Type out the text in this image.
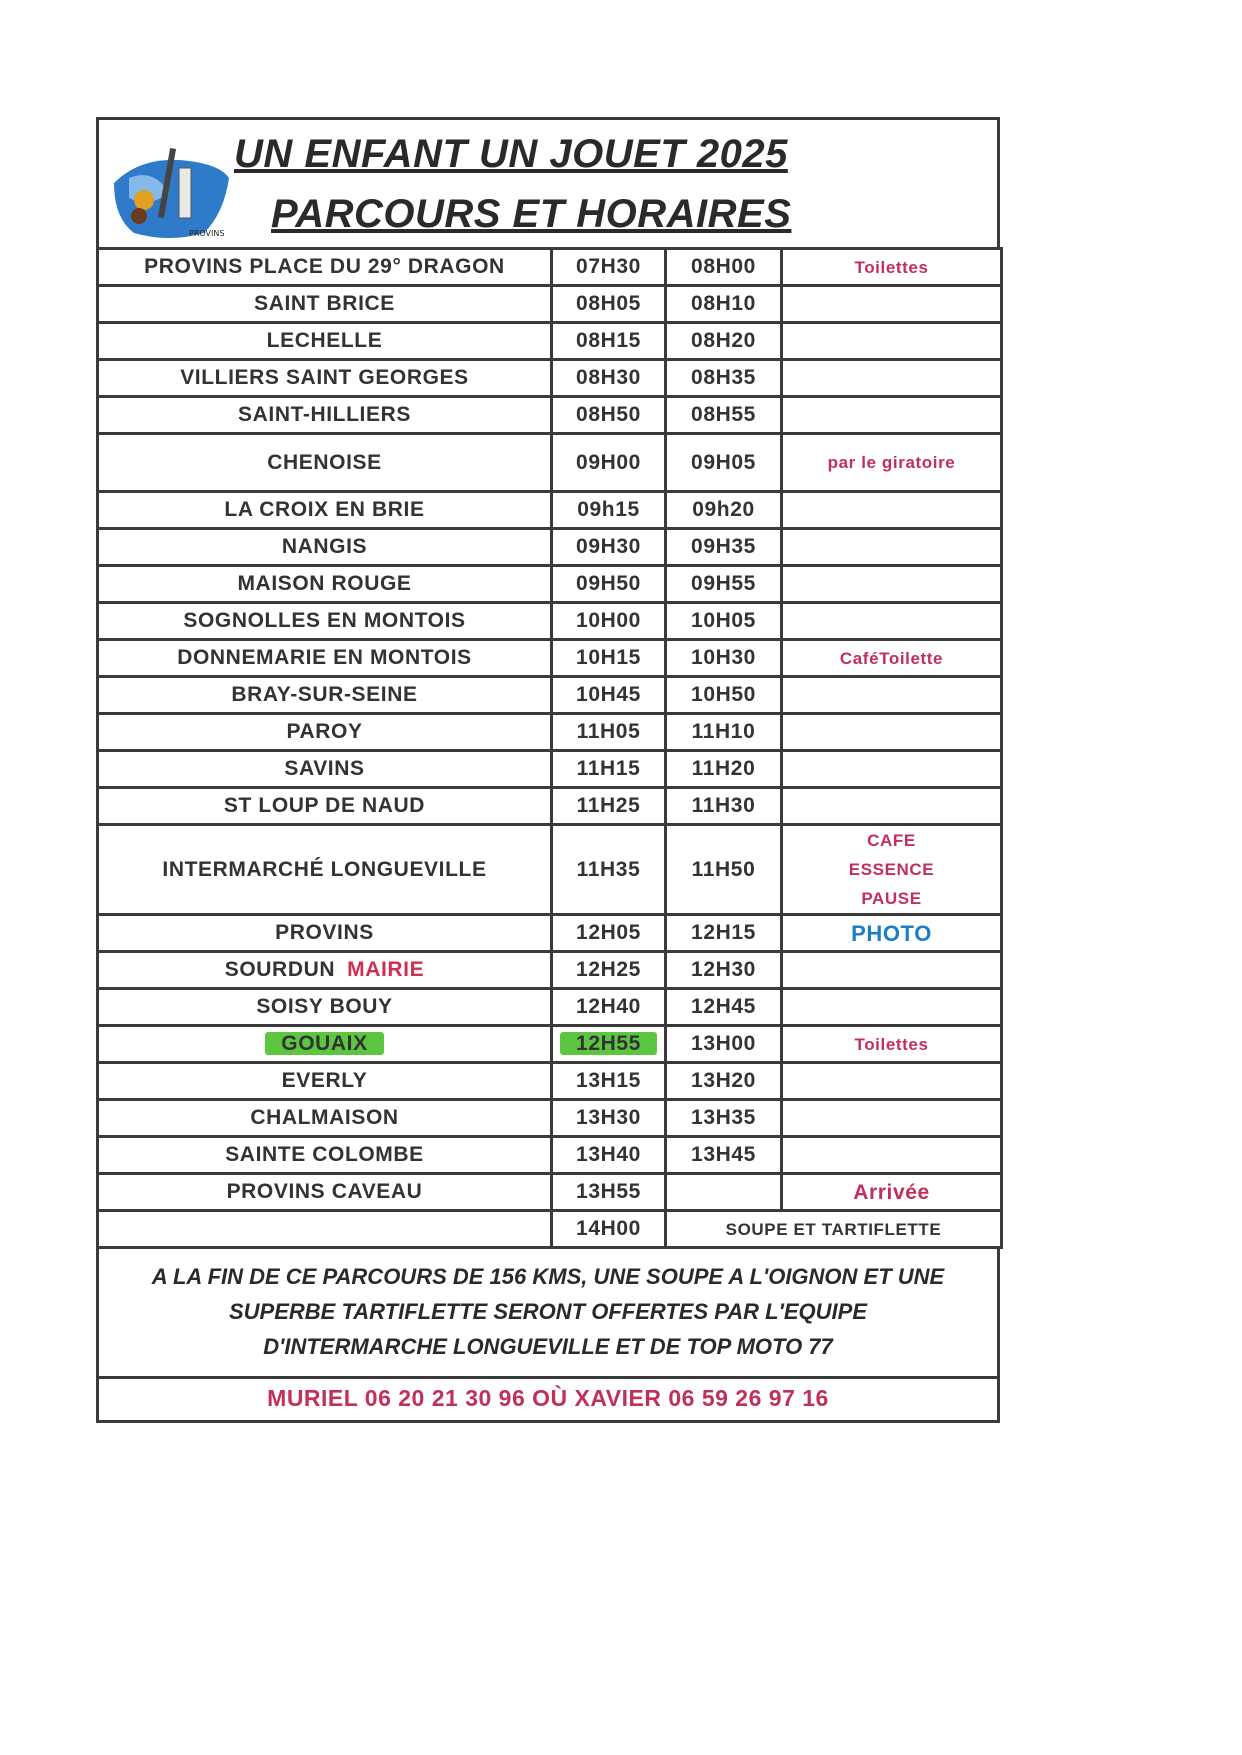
PROVINS
UN ENFANT UN JOUET 2025
PARCOURS ET HORAIRES
PROVINS PLACE DU 29° DRAGON	07H30	08H00	Toilettes
SAINT BRICE	08H05	08H10	
LECHELLE	08H15	08H20	
VILLIERS SAINT GEORGES	08H30	08H35	
SAINT-HILLIERS	08H50	08H55	
CHENOISE	09H00	09H05	par le giratoire
LA CROIX EN BRIE	09h15	09h20	
NANGIS	09H30	09H35	
MAISON ROUGE	09H50	09H55	
SOGNOLLES EN MONTOIS	10H00	10H05	
DONNEMARIE EN MONTOIS	10H15	10H30	CaféToilette
BRAY-SUR-SEINE	10H45	10H50	
PAROY	11H05	11H10	
SAVINS	11H15	11H20	
ST LOUP DE NAUD	11H25	11H30	
INTERMARCHÉ LONGUEVILLE	11H35	11H50	CAFE ESSENCE PAUSE
PROVINS	12H05	12H15	PHOTO
SOURDUN MAIRIE	12H25	12H30	
SOISY BOUY	12H40	12H45	
GOUAIX	12H55	13H00	Toilettes
EVERLY	13H15	13H20	
CHALMAISON	13H30	13H35	
SAINTE COLOMBE	13H40	13H45	
PROVINS CAVEAU	13H55		Arrivée
	14H00	SOUPE ET TARTIFLETTE	
A LA FIN DE CE PARCOURS DE 156 KMS, UNE SOUPE A L'OIGNON ET UNE
SUPERBE TARTIFLETTE SERONT OFFERTES PAR L'EQUIPE
D'INTERMARCHE LONGUEVILLE ET DE TOP MOTO 77
MURIEL 06 20 21 30 96 OÙ XAVIER 06 59 26 97 16
